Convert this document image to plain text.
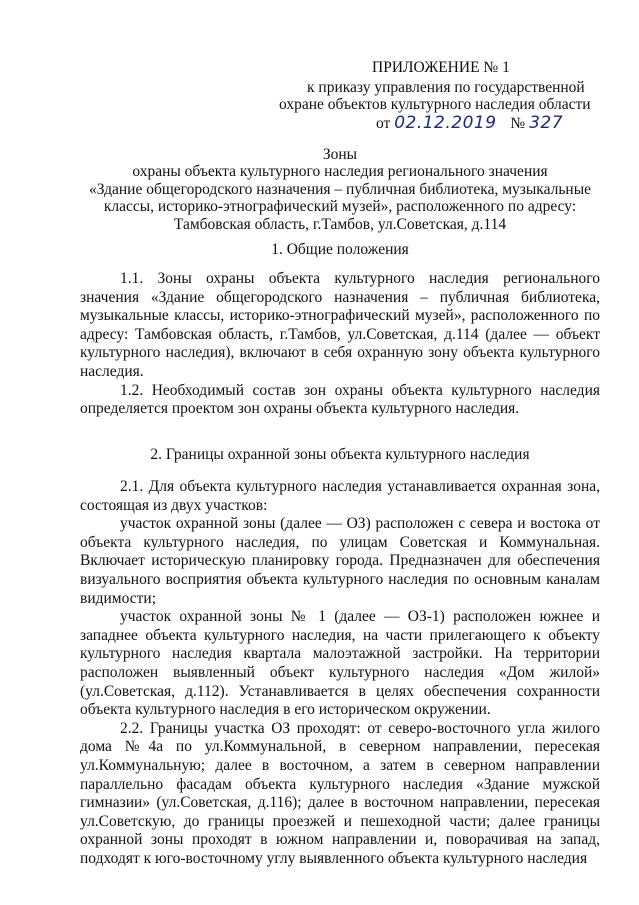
ПРИЛОЖЕНИЕ № 1
к приказу управления по государственной
охране объектов культурного наследия области
от 02.12.2019 № 327
Зоны
охраны объекта культурного наследия регионального значения
«Здание общегородского назначения – публичная библиотека, музыкальные
классы, историко-этнографический музей», расположенного по адресу:
Тамбовская область, г.Тамбов, ул.Советская, д.114
1. Общие положения

1.1. Зоны охраны объекта культурного наследия регионального значения «Здание общегородского назначения – публичная библиотека, музыкальные классы, историко-этнографический музей», расположенного по адресу: Тамбовская область, г.Тамбов, ул.Советская, д.114 (далее — объект культурного наследия), включают в себя охранную зону объекта культурного наследия.

1.2. Необходимый состав зон охраны объекта культурного наследия определяется проектом зон охраны объекта культурного наследия.

2. Границы охранной зоны объекта культурного наследия

2.1. Для объекта культурного наследия устанавливается охранная зона, состоящая из двух участков:

участок охранной зоны (далее — ОЗ) расположен с севера и востока от объекта культурного наследия, по улицам Советская и Коммунальная. Включает историческую планировку города. Предназначен для обеспечения визуального восприятия объекта культурного наследия по основным каналам видимости;

участок охранной зоны № 1 (далее — ОЗ-1) расположен южнее и западнее объекта культурного наследия, на части прилегающего к объекту культурного наследия квартала малоэтажной застройки. На территории расположен выявленный объект культурного наследия «Дом жилой» (ул.Советская, д.112). Устанавливается в целях обеспечения сохранности объекта культурного наследия в его историческом окружении.

2.2. Границы участка ОЗ проходят: от северо-восточного угла жилого дома №4а по ул.Коммунальной, в северном направлении, пересекая ул.Коммунальную; далее в восточном, а затем в северном направлении параллельно фасадам объекта культурного наследия «Здание мужской гимназии» (ул.Советская, д.116); далее в восточном направлении, пересекая ул.Советскую, до границы проезжей и пешеходной части; далее границы охранной зоны проходят в южном направлении и, поворачивая на запад, подходят к юго-восточному углу выявленного объекта культурного наследия
